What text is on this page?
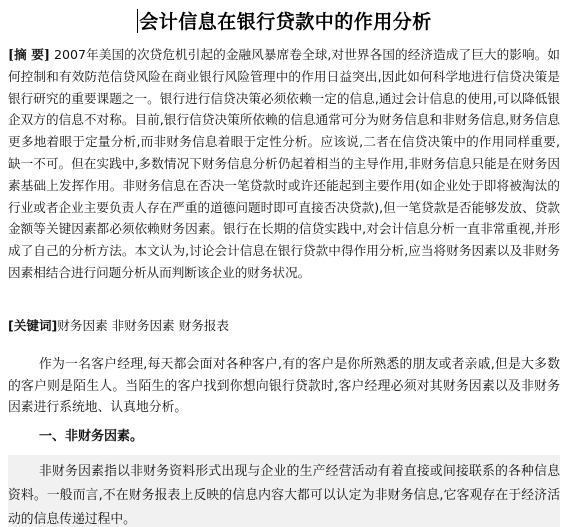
会计信息在银行贷款中的作用分析

[摘 要] 2007年美国的次贷危机引起的金融风暴席卷全球,对世界各国的经济造成了巨大的影响。如何控制和有效防范信贷风险在商业银行风险管理中的作用日益突出,因此如何科学地进行信贷决策是银行研究的重要课题之一。银行进行信贷决策必须依赖一定的信息,通过会计信息的使用,可以降低银企双方的信息不对称。目前,银行信贷决策所依赖的信息通常可分为财务信息和非财务信息,财务信息更多地着眼于定量分析,而非财务信息着眼于定性分析。应该说,二者在信贷决策中的作用同样重要,缺一不可。但在实践中,多数情况下财务信息分析仍起着相当的主导作用,非财务信息只能是在财务因素基础上发挥作用。非财务信息在否决一笔贷款时或许还能起到主要作用(如企业处于即将被淘汰的行业或者企业主要负责人存在严重的道德问题时即可直接否决贷款),但一笔贷款是否能够发放、贷款金额等关键因素都必须依赖财务因素。银行在长期的信贷实践中,对会计信息分析一直非常重视,并形成了自己的分析方法。本文认为,讨论会计信息在银行贷款中得作用分析,应当将财务因素以及非财务因素相结合进行问题分析从而判断该企业的财务状况。

[关键词]财务因素 非财务因素 财务报表

作为一名客户经理,每天都会面对各种客户,有的客户是你所熟悉的朋友或者亲戚,但是大多数的客户则是陌生人。当陌生的客户找到你想向银行贷款时,客户经理必须对其财务因素以及非财务因素进行系统地、认真地分析。

一、非财务因素。

非财务因素指以非财务资料形式出现与企业的生产经营活动有着直接或间接联系的各种信息资料。一般而言,不在财务报表上反映的信息内容大都可以认定为非财务信息,它客观存在于经济活动的信息传递过程中。
